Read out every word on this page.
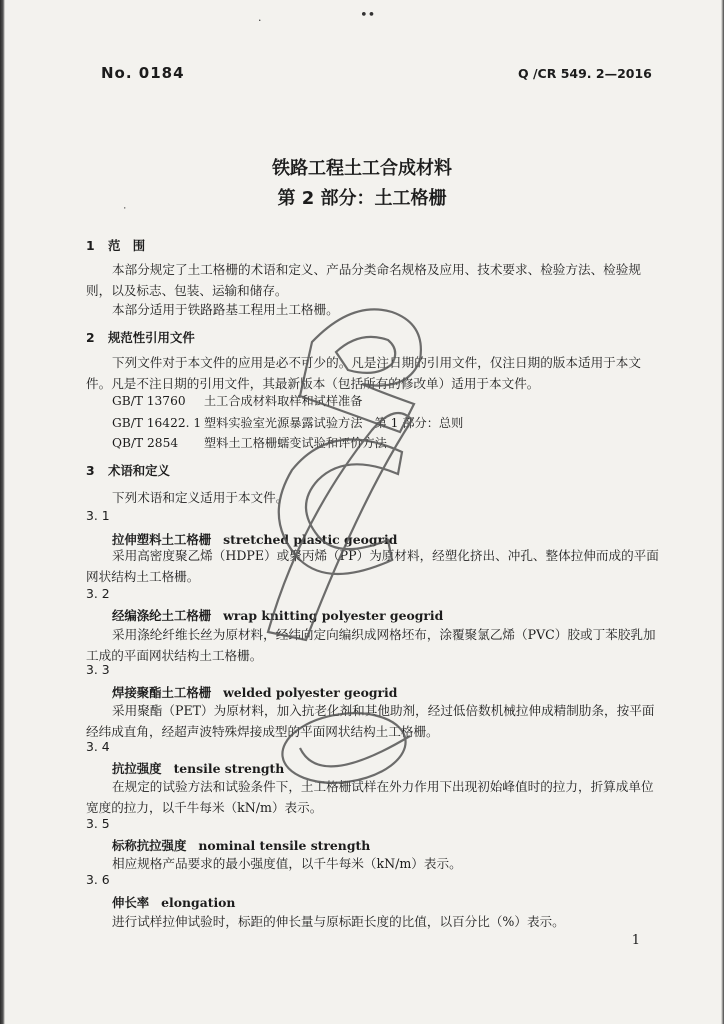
·	••
˙
No. 0184	Q /CR 549. 2—2016
铁路工程土工合成材料
第 2 部分：土工格栅
1 范　围
本部分规定了土工格栅的术语和定义、产品分类命名规格及应用、技术要求、检验方法、检验规则，以及标志、包装、运输和储存。
本部分适用于铁路路基工程用土工格栅。
2 规范性引用文件
下列文件对于本文件的应用是必不可少的。凡是注日期的引用文件，仅注日期的版本适用于本文件。凡是不注日期的引用文件，其最新版本（包括所有的修改单）适用于本文件。
GB/T 13760 土工合成材料取样和试样准备
GB/T 16422. 1 塑料实验室光源暴露试验方法　第 1 部分：总则
QB/T 2854 塑料土工格栅蠕变试验和评价方法
3 术语和定义
下列术语和定义适用于本文件。
3. 1
拉伸塑料土工格栅 stretched plastic geogrid
采用高密度聚乙烯（HDPE）或聚丙烯（PP）为原材料，经塑化挤出、冲孔、整体拉伸而成的平面网状结构土工格栅。
3. 2
经编涤纶土工格栅 wrap knitting polyester geogrid
采用涤纶纤维长丝为原材料，经纬向定向编织成网格坯布，涂覆聚氯乙烯（PVC）胶或丁苯胶乳加工成的平面网状结构土工格栅。
3. 3
焊接聚酯土工格栅 welded polyester geogrid
采用聚酯（PET）为原材料，加入抗老化剂和其他助剂，经过低倍数机械拉伸成精制肋条，按平面经纬成直角，经超声波特殊焊接成型的平面网状结构土工格栅。
3. 4
抗拉强度 tensile strength
在规定的试验方法和试验条件下，土工格栅试样在外力作用下出现初始峰值时的拉力，折算成单位宽度的拉力，以千牛每米（kN/m）表示。
3. 5
标称抗拉强度 nominal tensile strength
相应规格产品要求的最小强度值，以千牛每米（kN/m）表示。
3. 6
伸长率 elongation
进行试样拉伸试验时，标距的伸长量与原标距长度的比值，以百分比（%）表示。
1
